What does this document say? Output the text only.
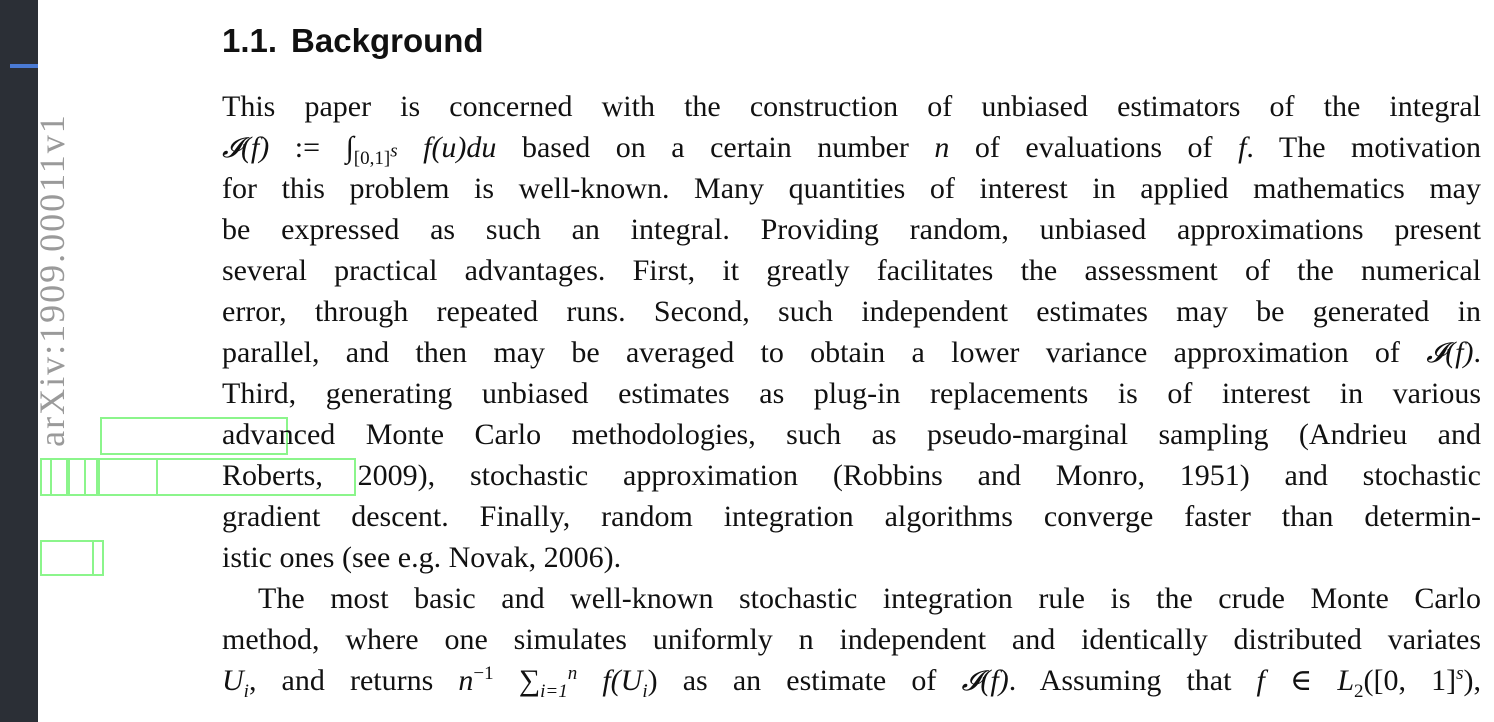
arXiv:1909.00011v1
1.1. Background
This paper is concerned with the construction of unbiased estimators of the integral
𝓘(f) := $\int_{[0,1]^s}$ f(u)du based on a certain number n of evaluations of f. The motivation
for this problem is well-known. Many quantities of interest in applied mathematics may
be expressed as such an integral. Providing random, unbiased approximations present
several practical advantages. First, it greatly facilitates the assessment of the numerical
error, through repeated runs. Second, such independent estimates may be generated in
parallel, and then may be averaged to obtain a lower variance approximation of 𝓘(f).
Third, generating unbiased estimates as plug-in replacements is of interest in various
advanced Monte Carlo methodologies, such as pseudo-marginal sampling (Andrieu and
Roberts, 2009), stochastic approximation (Robbins and Monro, 1951) and stochastic
gradient descent. Finally, random integration algorithms converge faster than determin-
istic ones (see e.g. Novak, 2006).
The most basic and well-known stochastic integration rule is the crude Monte Carlo
method, where one simulates uniformly n independent and identically distributed variates
$U_i$, and returns $n^{-1}$ $\sum_{i=1}^n$ $f(U_i)$ as an estimate of 𝓘(f). Assuming that f ∈ $L_2([0$, 1]$^s$),
